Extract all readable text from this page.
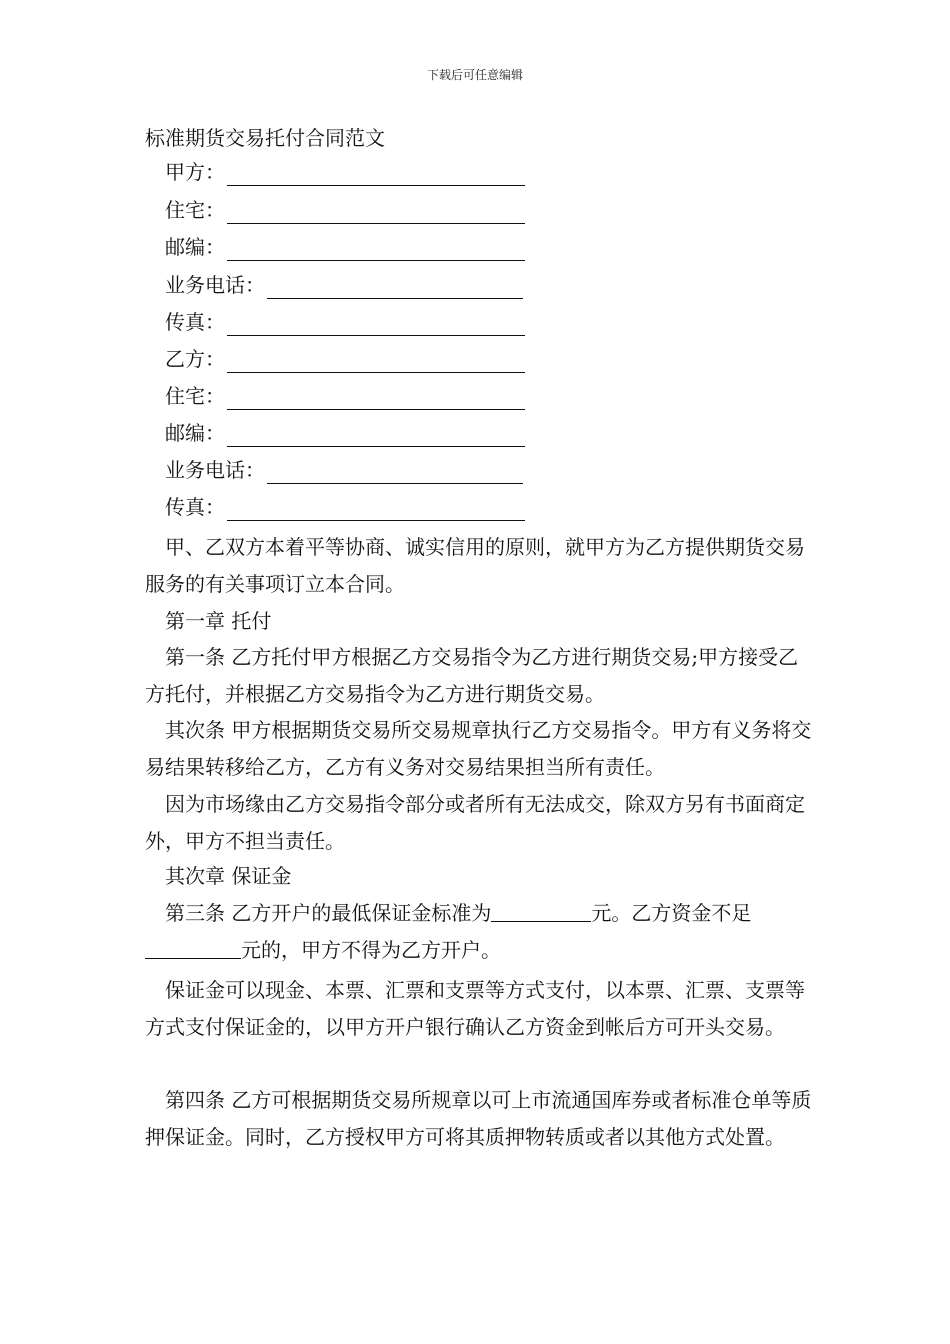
下载后可任意编辑
标准期货交易托付合同范文
甲方：
住宅：
邮编：
业务电话：
传真：
乙方：
住宅：
邮编：
业务电话：
传真：
甲、乙双方本着平等协商、诚实信用的原则，就甲方为乙方提供期货交易服务的有关事项订立本合同。
第一章 托付
第一条 乙方托付甲方根据乙方交易指令为乙方进行期货交易;甲方接受乙方托付，并根据乙方交易指令为乙方进行期货交易。
其次条 甲方根据期货交易所交易规章执行乙方交易指令。甲方有义务将交易结果转移给乙方，乙方有义务对交易结果担当所有责任。
因为市场缘由乙方交易指令部分或者所有无法成交，除双方另有书面商定外，甲方不担当责任。
其次章 保证金
第三条 乙方开户的最低保证金标准为	元。乙方资金不足元的，甲方不得为乙方开户。
保证金可以现金、本票、汇票和支票等方式支付，以本票、汇票、支票等方式支付保证金的，以甲方开户银行确认乙方资金到帐后方可开头交易。
第四条 乙方可根据期货交易所规章以可上市流通国库券或者标准仓单等质押保证金。同时，乙方授权甲方可将其质押物转质或者以其他方式处置。
